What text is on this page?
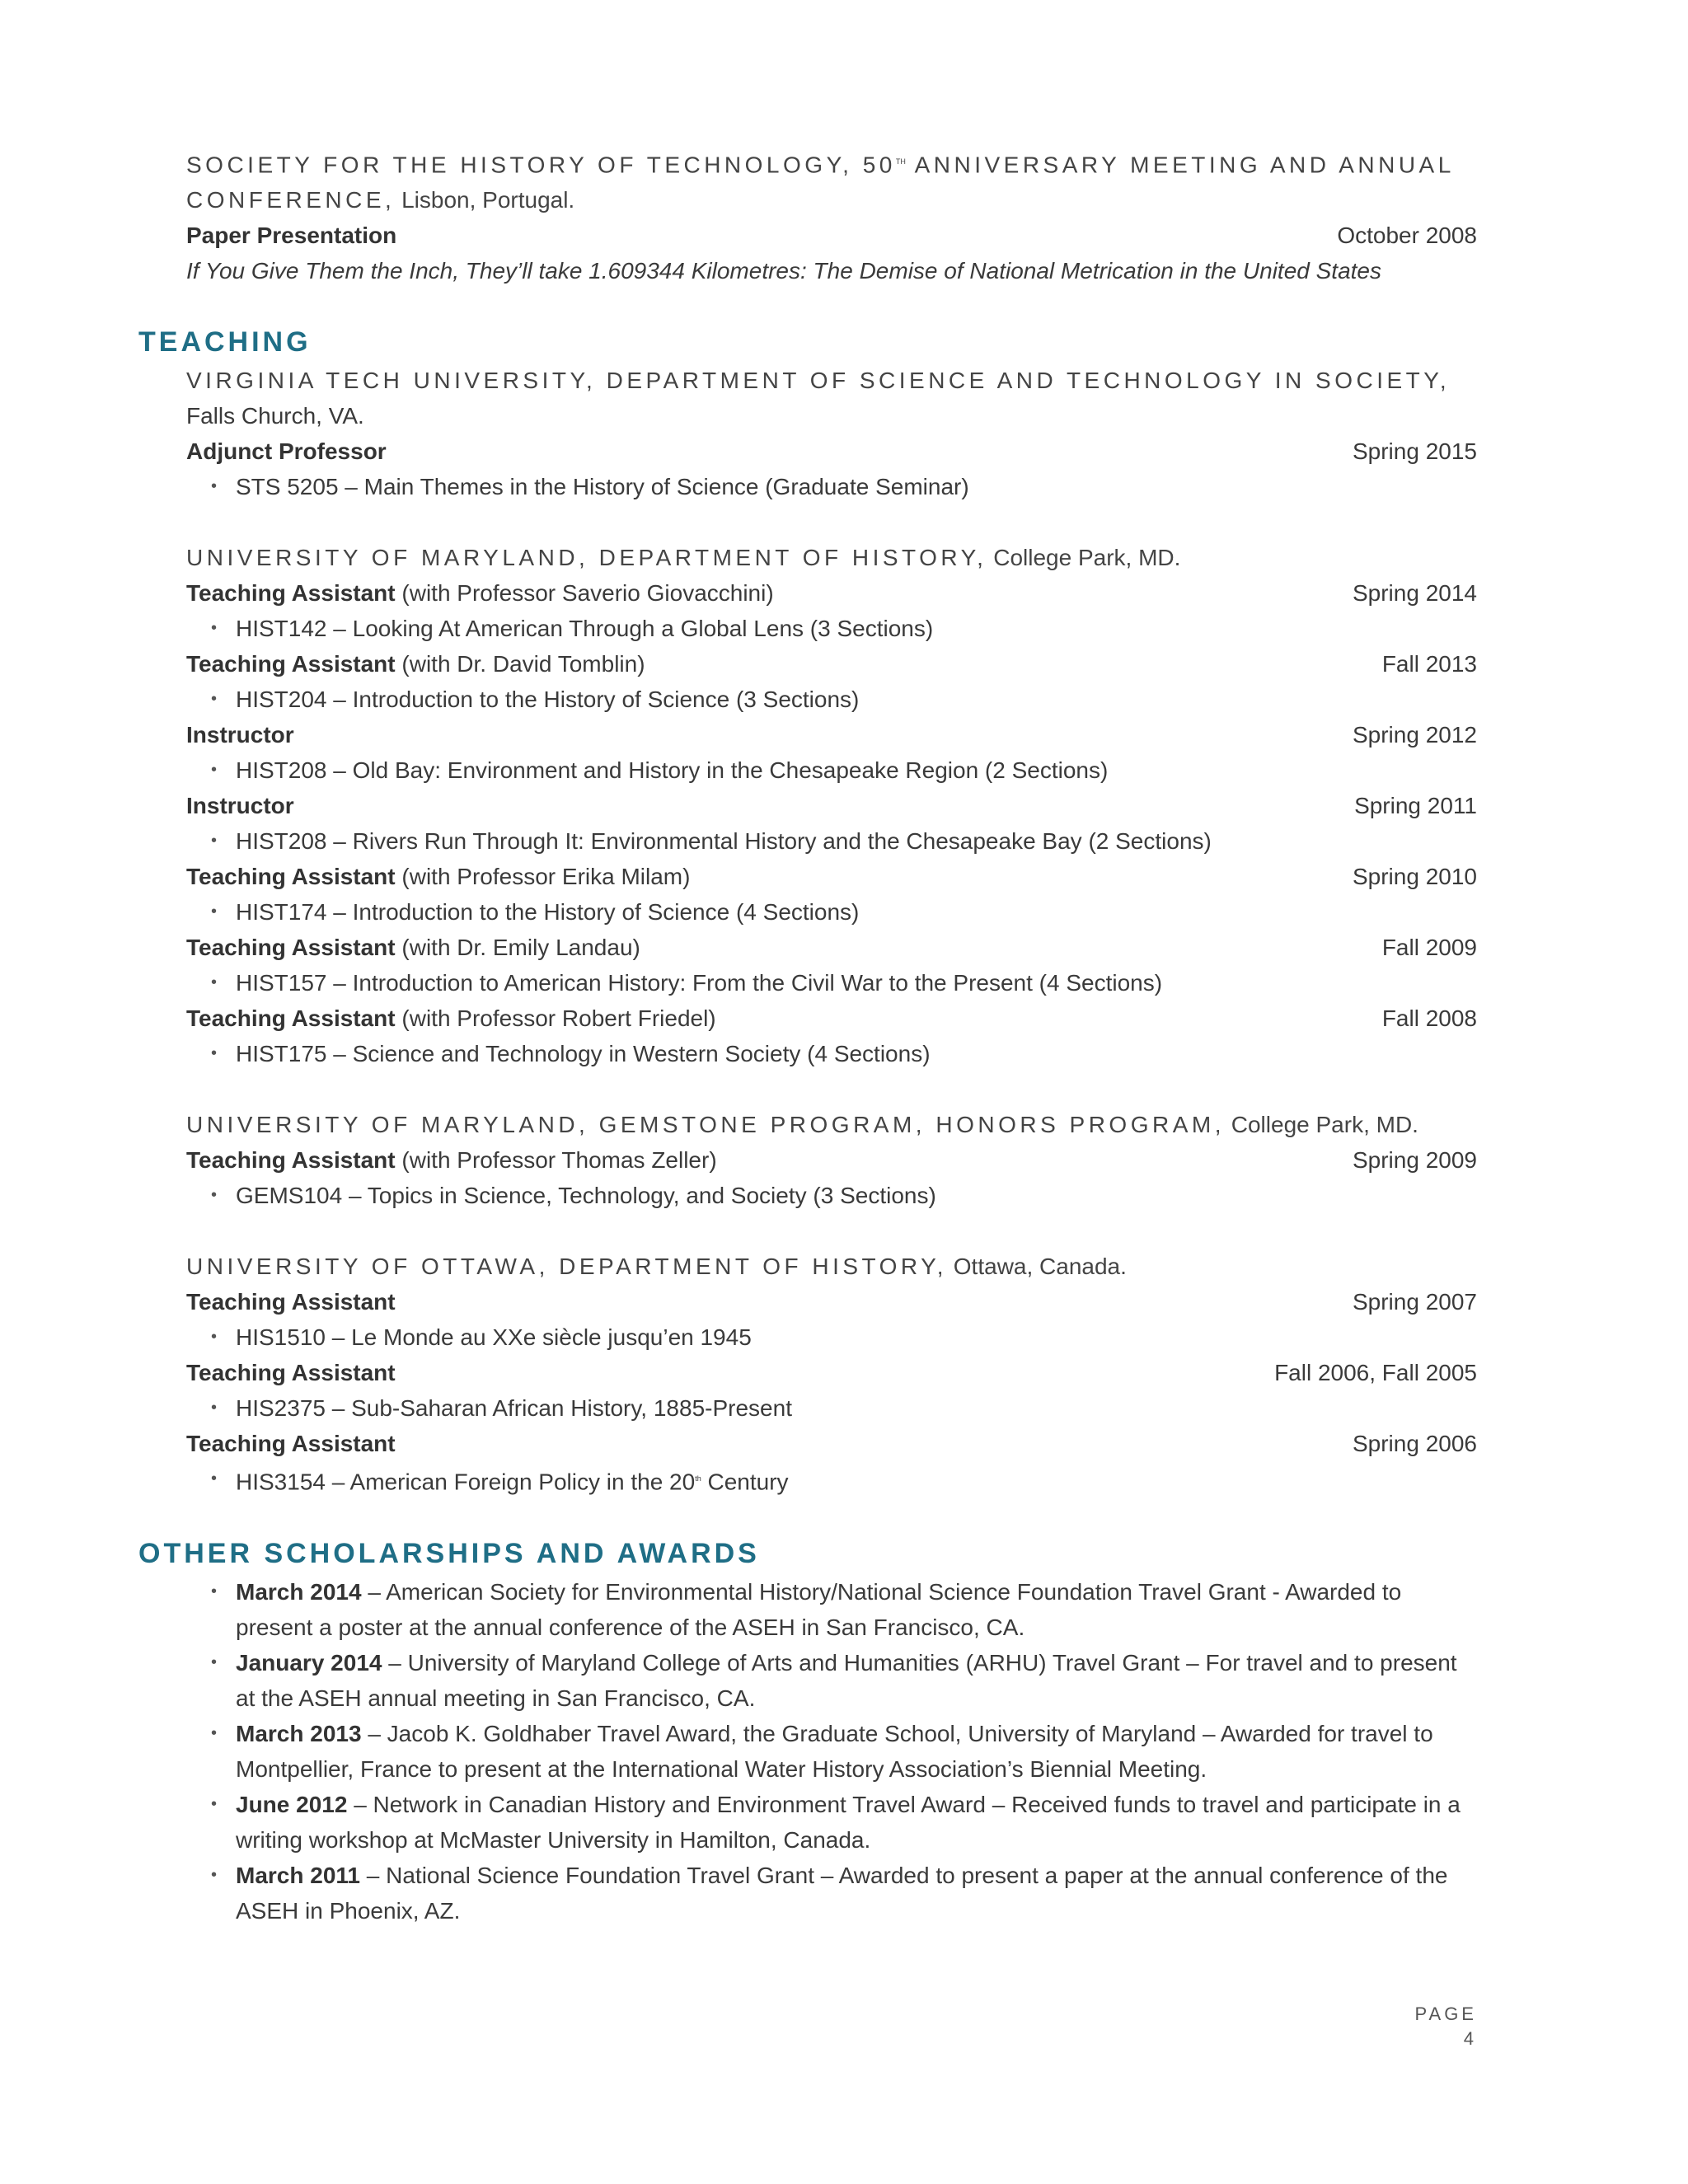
SOCIETY FOR THE HISTORY OF TECHNOLOGY, 50TH ANNIVERSARY MEETING AND ANNUAL CONFERENCE, Lisbon, Portugal.
Paper Presentation	October 2008
If You Give Them the Inch, They’ll take 1.609344 Kilometres: The Demise of National Metrication in the United States
TEACHING
VIRGINIA TECH UNIVERSITY, DEPARTMENT OF SCIENCE AND TECHNOLOGY IN SOCIETY,
Falls Church, VA.
Adjunct Professor	Spring 2015
• STS 5205 – Main Themes in the History of Science (Graduate Seminar)
UNIVERSITY OF MARYLAND, DEPARTMENT OF HISTORY, College Park, MD.
Teaching Assistant (with Professor Saverio Giovacchini)	Spring 2014
• HIST142 – Looking At American Through a Global Lens (3 Sections)
Teaching Assistant (with Dr. David Tomblin)	Fall 2013
• HIST204 – Introduction to the History of Science (3 Sections)
Instructor	Spring 2012
• HIST208 – Old Bay: Environment and History in the Chesapeake Region (2 Sections)
Instructor	Spring 2011
• HIST208 – Rivers Run Through It: Environmental History and the Chesapeake Bay (2 Sections)
Teaching Assistant (with Professor Erika Milam)	Spring 2010
• HIST174 – Introduction to the History of Science (4 Sections)
Teaching Assistant (with Dr. Emily Landau)	Fall 2009
• HIST157 – Introduction to American History: From the Civil War to the Present (4 Sections)
Teaching Assistant (with Professor Robert Friedel)	Fall 2008
• HIST175 – Science and Technology in Western Society (4 Sections)
UNIVERSITY OF MARYLAND, GEMSTONE PROGRAM, HONORS PROGRAM, College Park, MD.
Teaching Assistant (with Professor Thomas Zeller)	Spring 2009
• GEMS104 – Topics in Science, Technology, and Society (3 Sections)
UNIVERSITY OF OTTAWA, DEPARTMENT OF HISTORY, Ottawa, Canada.
Teaching Assistant	Spring 2007
• HIS1510 – Le Monde au XXe siècle jusqu’en 1945
Teaching Assistant	Fall 2006, Fall 2005
• HIS2375 – Sub-Saharan African History, 1885-Present
Teaching Assistant	Spring 2006
• HIS3154 – American Foreign Policy in the 20th Century
OTHER SCHOLARSHIPS AND AWARDS
• March 2014 – American Society for Environmental History/National Science Foundation Travel Grant - Awarded to present a poster at the annual conference of the ASEH in San Francisco, CA.
• January 2014 – University of Maryland College of Arts and Humanities (ARHU) Travel Grant – For travel and to present at the ASEH annual meeting in San Francisco, CA.
• March 2013 – Jacob K. Goldhaber Travel Award, the Graduate School, University of Maryland – Awarded for travel to Montpellier, France to present at the International Water History Association’s Biennial Meeting.
• June 2012 – Network in Canadian History and Environment Travel Award – Received funds to travel and participate in a writing workshop at McMaster University in Hamilton, Canada.
• March 2011 – National Science Foundation Travel Grant – Awarded to present a paper at the annual conference of the ASEH in Phoenix, AZ.
PAGE 4
